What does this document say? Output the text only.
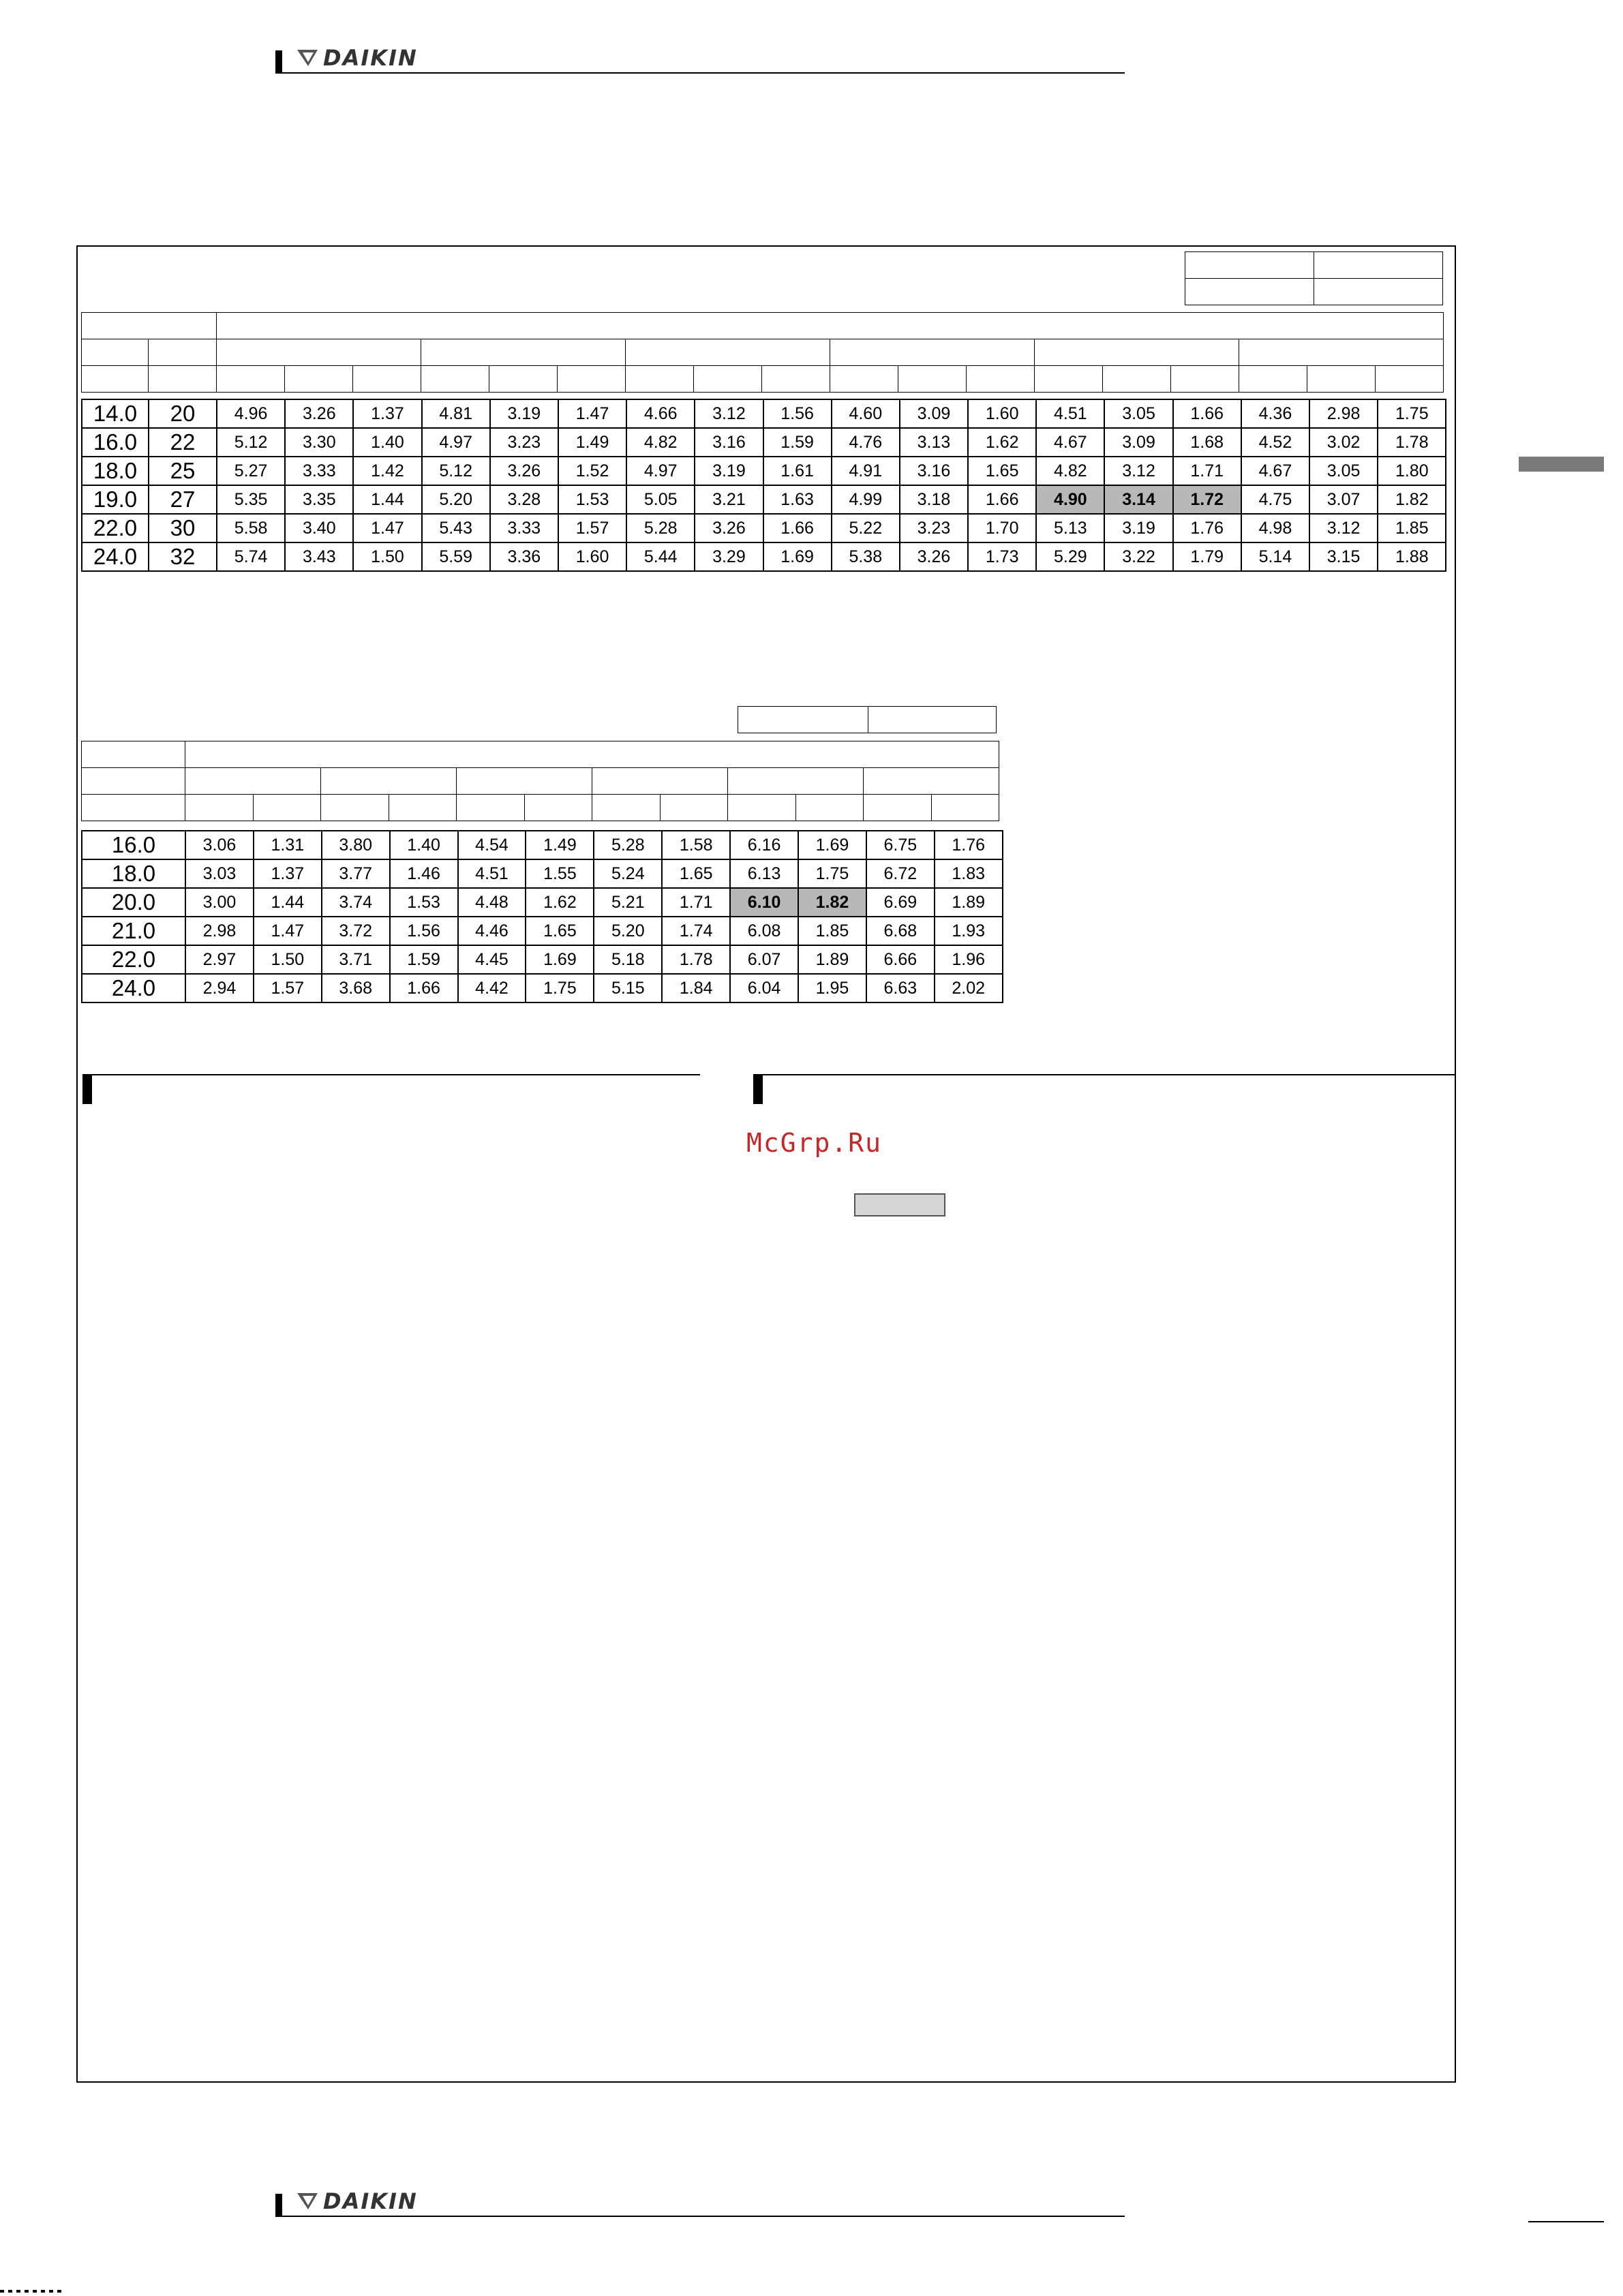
DAIKIN

14.0	20	4.96	3.26	1.37	4.81	3.19	1.47	4.66	3.12	1.56	4.60	3.09	1.60	4.51	3.05	1.66	4.36	2.98	1.75
16.0	22	5.12	3.30	1.40	4.97	3.23	1.49	4.82	3.16	1.59	4.76	3.13	1.62	4.67	3.09	1.68	4.52	3.02	1.78
18.0	25	5.27	3.33	1.42	5.12	3.26	1.52	4.97	3.19	1.61	4.91	3.16	1.65	4.82	3.12	1.71	4.67	3.05	1.80
19.0	27	5.35	3.35	1.44	5.20	3.28	1.53	5.05	3.21	1.63	4.99	3.18	1.66	4.90	3.14	1.72	4.75	3.07	1.82
22.0	30	5.58	3.40	1.47	5.43	3.33	1.57	5.28	3.26	1.66	5.22	3.23	1.70	5.13	3.19	1.76	4.98	3.12	1.85
24.0	32	5.74	3.43	1.50	5.59	3.36	1.60	5.44	3.29	1.69	5.38	3.26	1.73	5.29	3.22	1.79	5.14	3.15	1.88

16.0	3.06	1.31	3.80	1.40	4.54	1.49	5.28	1.58	6.16	1.69	6.75	1.76
18.0	3.03	1.37	3.77	1.46	4.51	1.55	5.24	1.65	6.13	1.75	6.72	1.83
20.0	3.00	1.44	3.74	1.53	4.48	1.62	5.21	1.71	6.10	1.82	6.69	1.89
21.0	2.98	1.47	3.72	1.56	4.46	1.65	5.20	1.74	6.08	1.85	6.68	1.93
22.0	2.97	1.50	3.71	1.59	4.45	1.69	5.18	1.78	6.07	1.89	6.66	1.96
24.0	2.94	1.57	3.68	1.66	4.42	1.75	5.15	1.84	6.04	1.95	6.63	2.02
McGrp.Ru
DAIKIN
